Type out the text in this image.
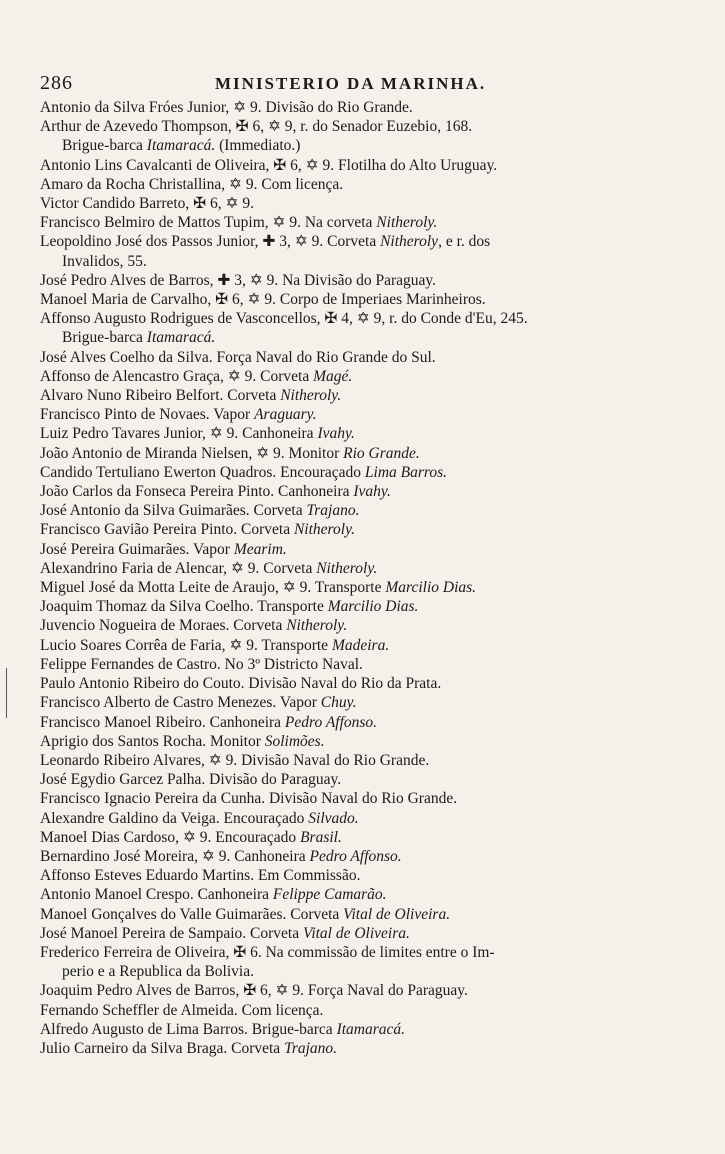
286	MINISTERIO DA MARINHA.
Antonio da Silva Fróes Junior, ✡ 9. Divisão do Rio Grande.
Arthur de Azevedo Thompson, ✠ 6, ✡ 9, r. do Senador Euzebio, 168.
Brigue-barca Itamaracá. (Immediato.)
Antonio Lins Cavalcanti de Oliveira, ✠ 6, ✡ 9. Flotilha do Alto Uruguay.
Amaro da Rocha Christallina, ✡ 9. Com licença.
Victor Candido Barreto, ✠ 6, ✡ 9.
Francisco Belmiro de Mattos Tupim, ✡ 9. Na corveta Nitheroly.
Leopoldino José dos Passos Junior, ✚ 3, ✡ 9. Corveta Nitheroly, e r. dos
Invalidos, 55.
José Pedro Alves de Barros, ✚ 3, ✡ 9. Na Divisão do Paraguay.
Manoel Maria de Carvalho, ✠ 6, ✡ 9. Corpo de Imperiaes Marinheiros.
Affonso Augusto Rodrigues de Vasconcellos, ✠ 4, ✡ 9, r. do Conde d'Eu, 245.
Brigue-barca Itamaracá.
José Alves Coelho da Silva. Força Naval do Rio Grande do Sul.
Affonso de Alencastro Graça, ✡ 9. Corveta Magé.
Alvaro Nuno Ribeiro Belfort. Corveta Nitheroly.
Francisco Pinto de Novaes. Vapor Araguary.
Luiz Pedro Tavares Junior, ✡ 9. Canhoneira Ivahy.
João Antonio de Miranda Nielsen, ✡ 9. Monitor Rio Grande.
Candido Tertuliano Ewerton Quadros. Encouraçado Lima Barros.
João Carlos da Fonseca Pereira Pinto. Canhoneira Ivahy.
José Antonio da Silva Guimarães. Corveta Trajano.
Francisco Gavião Pereira Pinto. Corveta Nitheroly.
José Pereira Guimarães. Vapor Mearim.
Alexandrino Faria de Alencar, ✡ 9. Corveta Nitheroly.
Miguel José da Motta Leite de Araujo, ✡ 9. Transporte Marcilio Dias.
Joaquim Thomaz da Silva Coelho. Transporte Marcilio Dias.
Juvencio Nogueira de Moraes. Corveta Nitheroly.
Lucio Soares Corrêa de Faria, ✡ 9. Transporte Madeira.
Felippe Fernandes de Castro. No 3º Districto Naval.
Paulo Antonio Ribeiro do Couto. Divisão Naval do Rio da Prata.
Francisco Alberto de Castro Menezes. Vapor Chuy.
Francisco Manoel Ribeiro. Canhoneira Pedro Affonso.
Aprigio dos Santos Rocha. Monitor Solimões.
Leonardo Ribeiro Alvares, ✡ 9. Divisão Naval do Rio Grande.
José Egydio Garcez Palha. Divisão do Paraguay.
Francisco Ignacio Pereira da Cunha. Divisão Naval do Rio Grande.
Alexandre Galdino da Veiga. Encouraçado Silvado.
Manoel Dias Cardoso, ✡ 9. Encouraçado Brasil.
Bernardino José Moreira, ✡ 9. Canhoneira Pedro Affonso.
Affonso Esteves Eduardo Martins. Em Commissão.
Antonio Manoel Crespo. Canhoneira Felippe Camarão.
Manoel Gonçalves do Valle Guimarães. Corveta Vital de Oliveira.
José Manoel Pereira de Sampaio. Corveta Vital de Oliveira.
Frederico Ferreira de Oliveira, ✠ 6. Na commissão de limites entre o Im-
perio e a Republica da Bolivia.
Joaquim Pedro Alves de Barros, ✠ 6, ✡ 9. Força Naval do Paraguay.
Fernando Scheffler de Almeida. Com licença.
Alfredo Augusto de Lima Barros. Brigue-barca Itamaracá.
Julio Carneiro da Silva Braga. Corveta Trajano.
